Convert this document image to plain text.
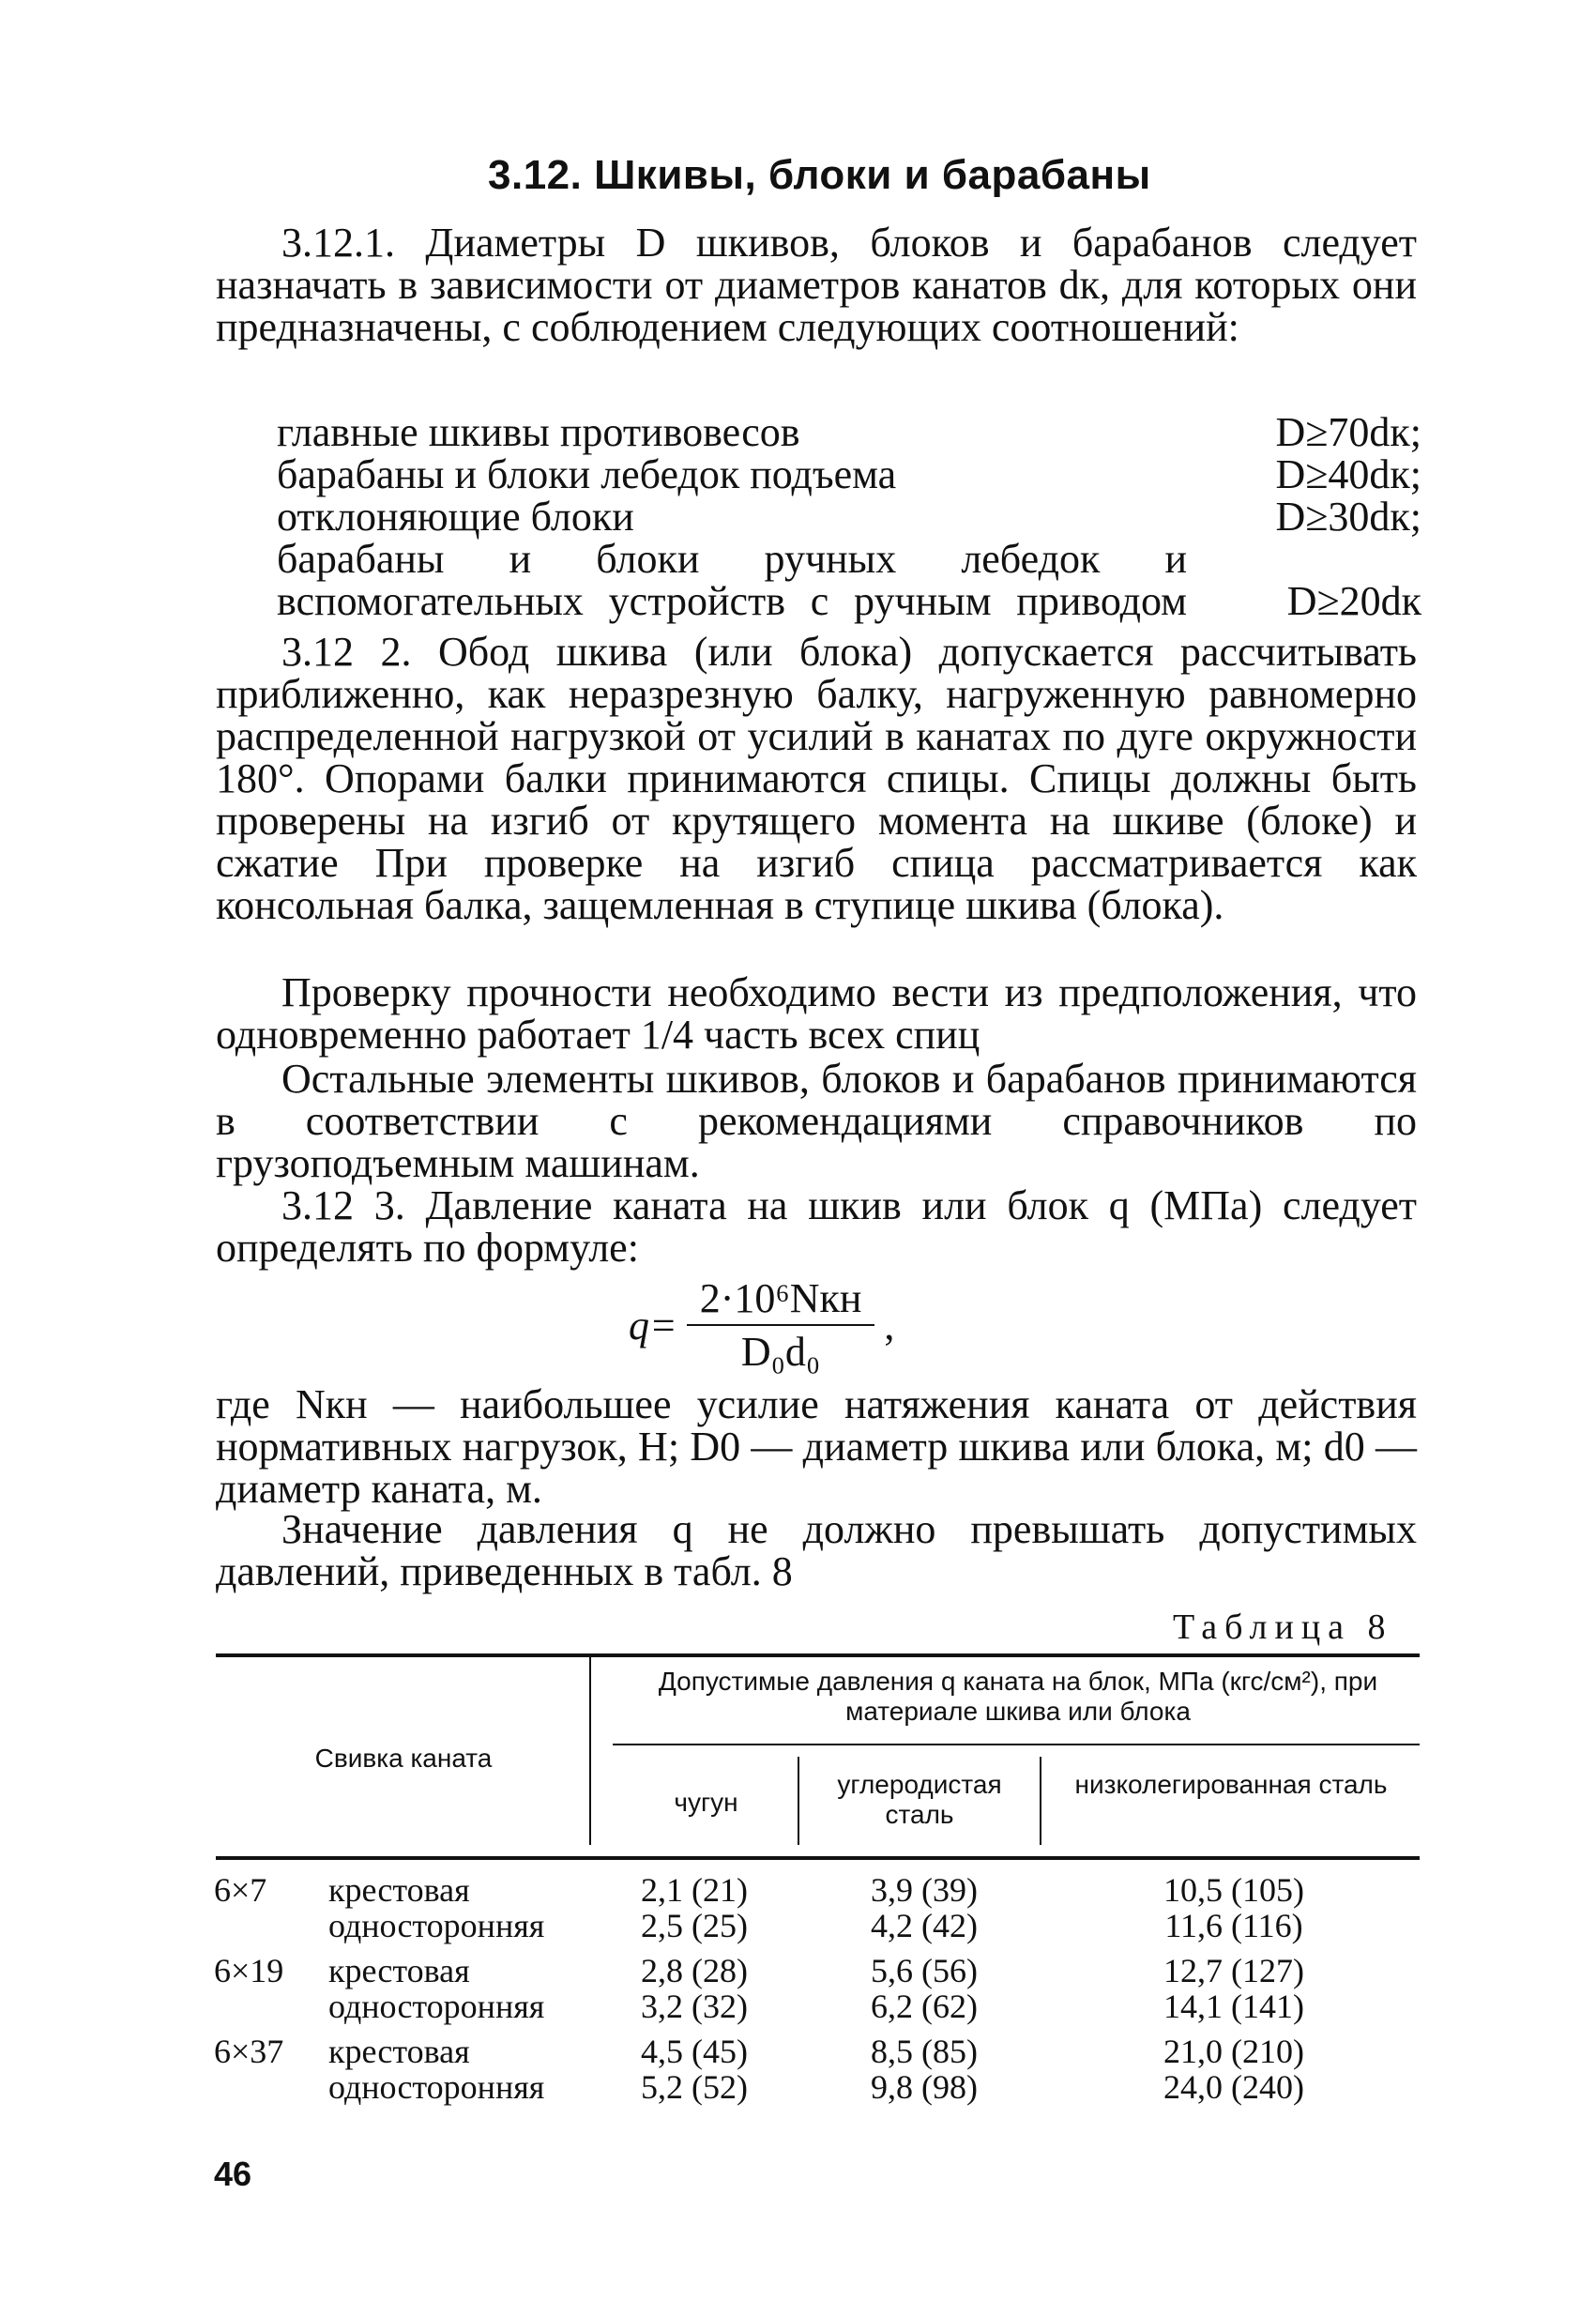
3.12. Шкивы, блоки и барабаны

3.12.1. Диаметры D шкивов, блоков и барабанов следует назначать в зависимости от диаметров канатов dк, для которых они предназначены, с соблюдением следующих соотношений:

главные шкивы противовесов	D≥70dк;
барабаны и блоки лебедок подъема	D≥40dк;
отклоняющие блоки	D≥30dк;
барабаны и блоки ручных лебедок и вспомогательных устройств с ручным приводом D≥20dк

3.12 2. Обод шкива (или блока) допускается рассчитывать приближенно, как неразрезную балку, нагруженную равномерно распределенной нагрузкой от усилий в канатах по дуге окружности 180°. Опорами балки принимаются спицы. Спицы должны быть проверены на изгиб от крутящего момента на шкиве (блоке) и сжатие При проверке на изгиб спица рассматривается как консольная балка, защемленная в ступице шкива (блока).

Проверку прочности необходимо вести из предположения, что одновременно работает 1/4 часть всех спиц

Остальные элементы шкивов, блоков и барабанов принимаются в соответствии с рекомендациями справочников по грузоподъемным машинам.

3.12 3. Давление каната на шкив или блок q (МПа) следует определять по формуле:

$q= \frac{\text{2·10⁶Nкн}}{\text{D₀d₀}}$ ,

где Nкн — наибольшее усилие натяжения каната от действия нормативных нагрузок, Н; D0 — диаметр шкива или блока, м; d0 — диаметр каната, м.

Значение давления q не должно превышать допустимых давлений, приведенных в табл. 8

Таблица 8
Свивка каната
Допустимые давления q каната на блок, МПа (кгс/см²), при материале шкива или блока
чугун
углеродистая сталь
низколегированная сталь
6×7 крестовая	2,1 (21)	3,9 (39)	10,5 (105)
односторонняя	2,5 (25)	4,2 (42)	11,6 (116)
6×19 крестовая	2,8 (28)	5,6 (56)	12,7 (127)
односторонняя	3,2 (32)	6,2 (62)	14,1 (141)
6×37 крестовая	4,5 (45)	8,5 (85)	21,0 (210)
односторонняя	5,2 (52)	9,8 (98)	24,0 (240)
46
